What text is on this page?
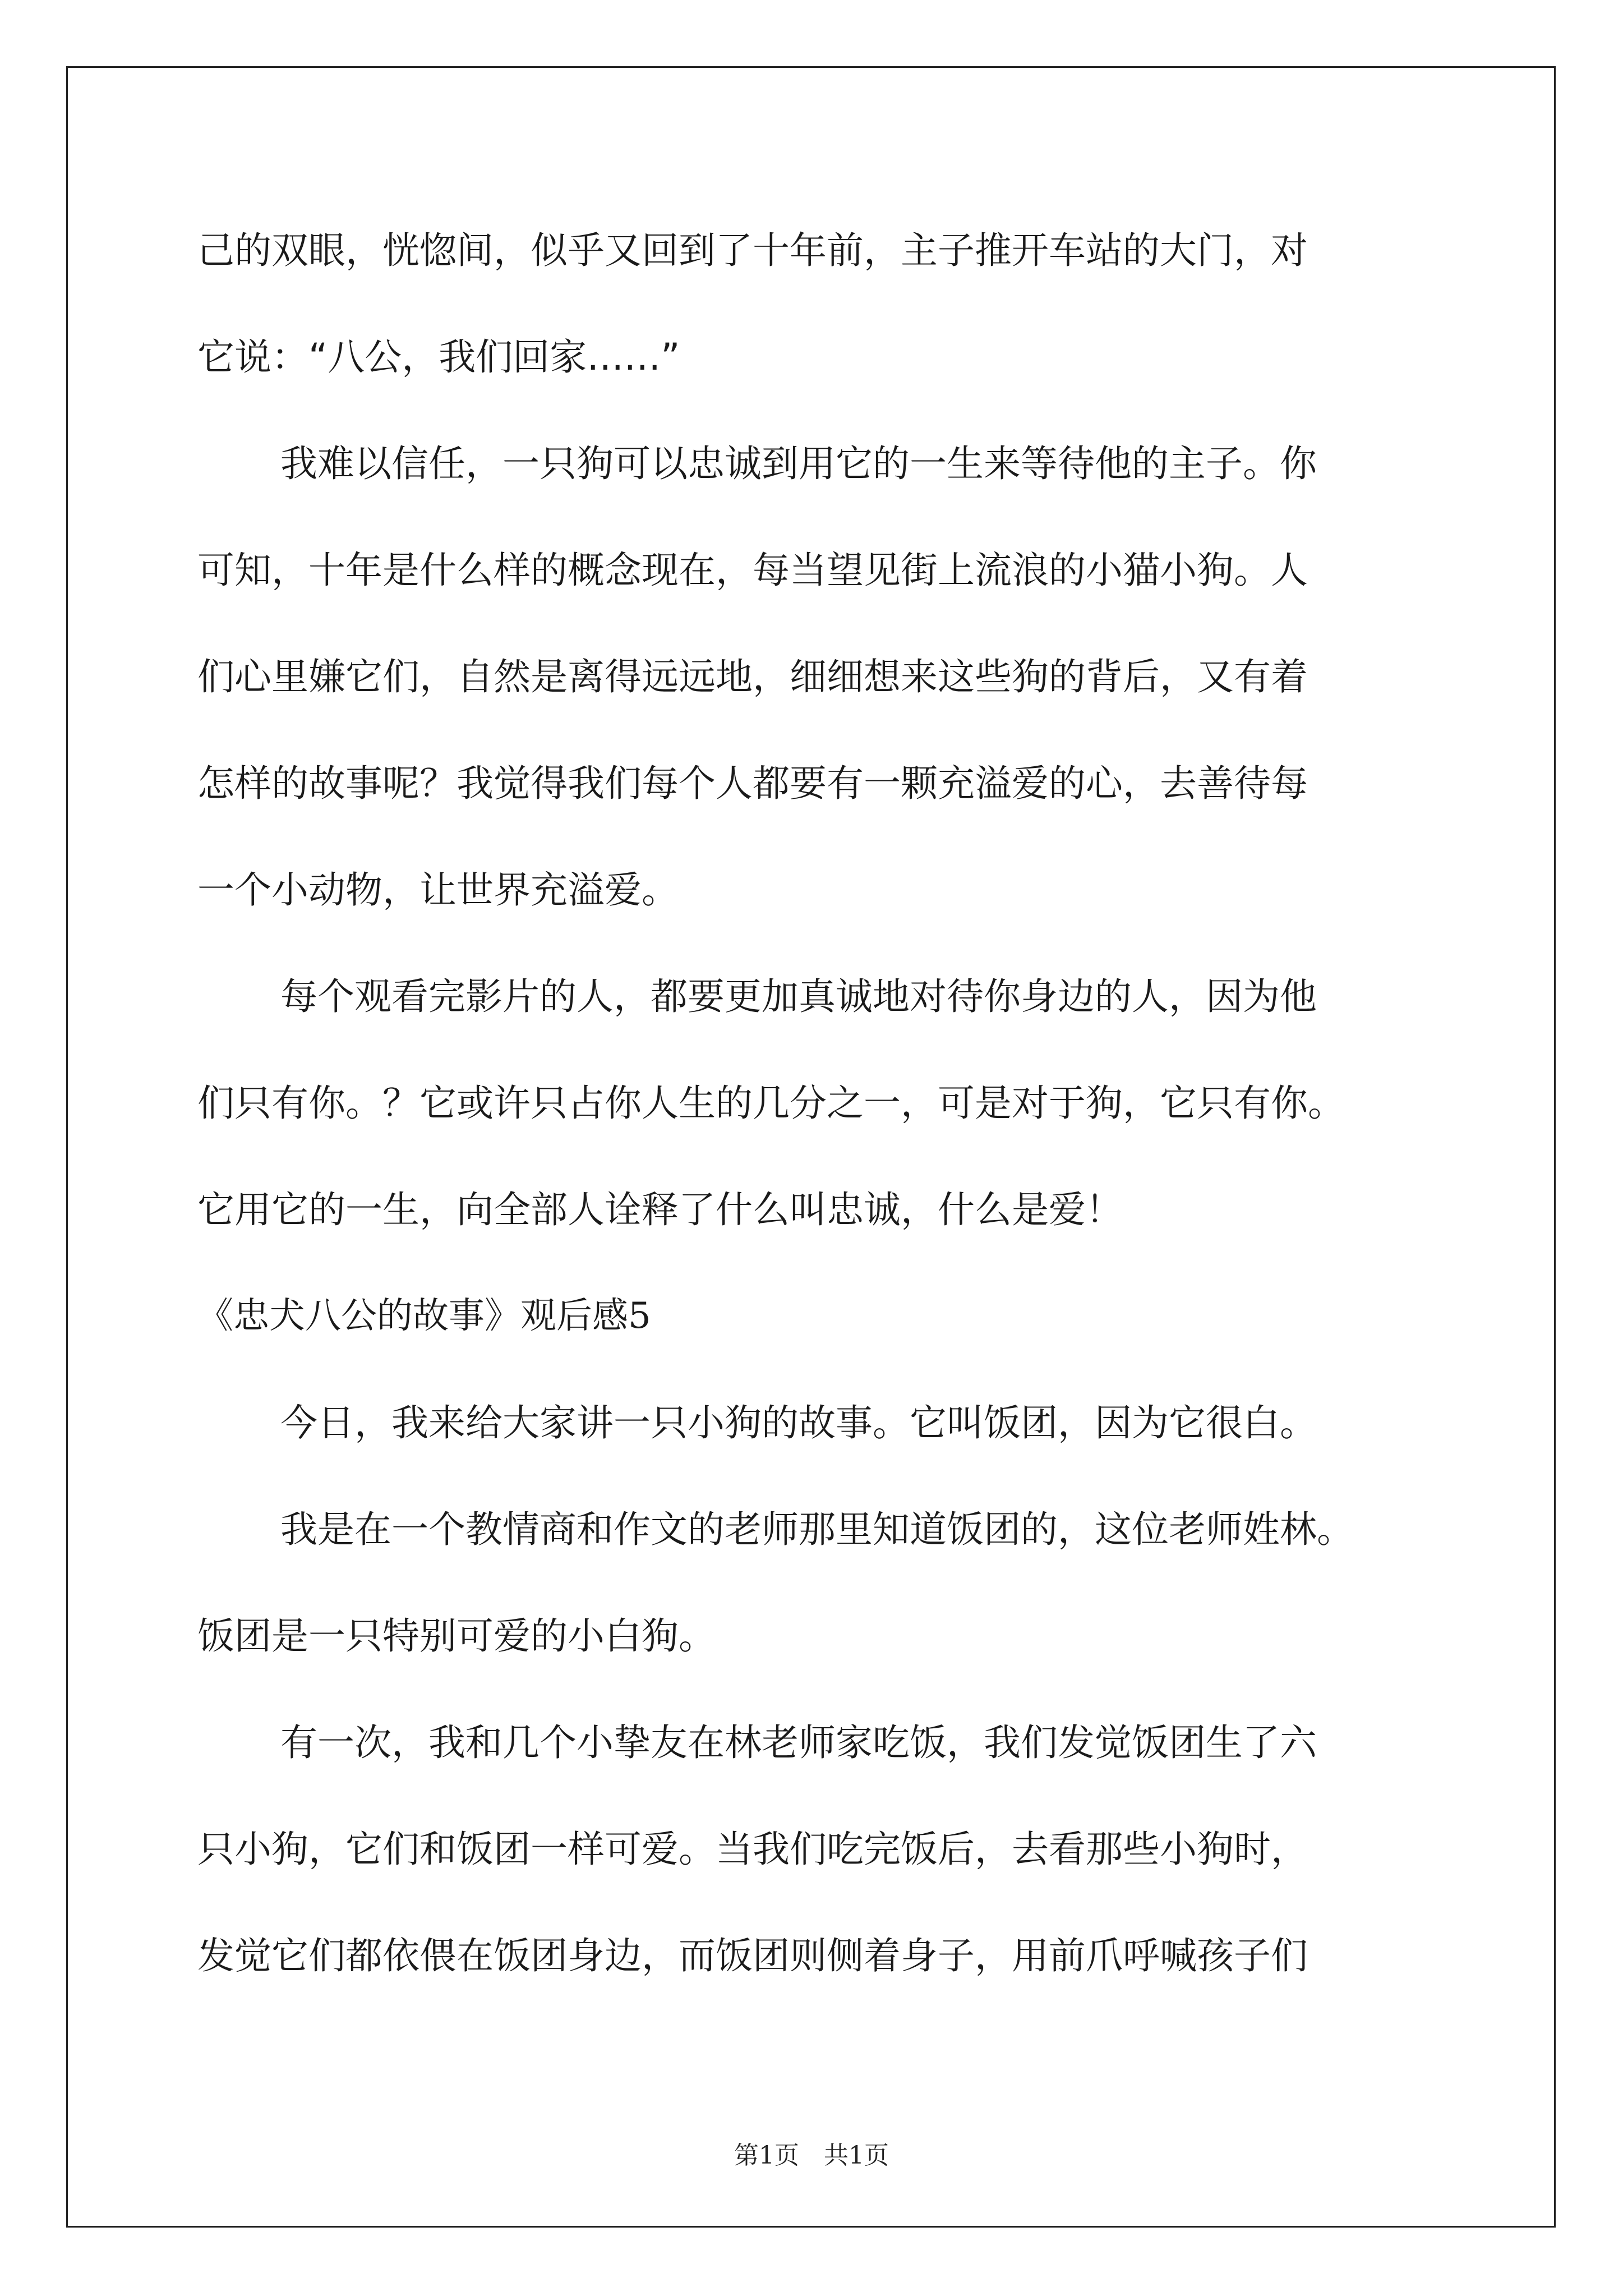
己的双眼，恍惚间，似乎又回到了十年前，主子推开车站的大门，对
它说：“八公，我们回家……”
我难以信任，一只狗可以忠诚到用它的一生来等待他的主子。你
可知，十年是什么样的概念现在，每当望见街上流浪的小猫小狗。人
们心里嫌它们，自然是离得远远地，细细想来这些狗的背后，又有着
怎样的故事呢？我觉得我们每个人都要有一颗充溢爱的心，去善待每
一个小动物，让世界充溢爱。
每个观看完影片的人，都要更加真诚地对待你身边的人，因为他
们只有你。？它或许只占你人生的几分之一，可是对于狗，它只有你。
它用它的一生，向全部人诠释了什么叫忠诚，什么是爱！
《忠犬八公的故事》观后感5
今日，我来给大家讲一只小狗的故事。它叫饭团，因为它很白。
我是在一个教情商和作文的老师那里知道饭团的，这位老师姓林。
饭团是一只特别可爱的小白狗。
有一次，我和几个小挚友在林老师家吃饭，我们发觉饭团生了六
只小狗，它们和饭团一样可爱。当我们吃完饭后，去看那些小狗时，
发觉它们都依偎在饭团身边，而饭团则侧着身子，用前爪呼喊孩子们
第1页　共1页
